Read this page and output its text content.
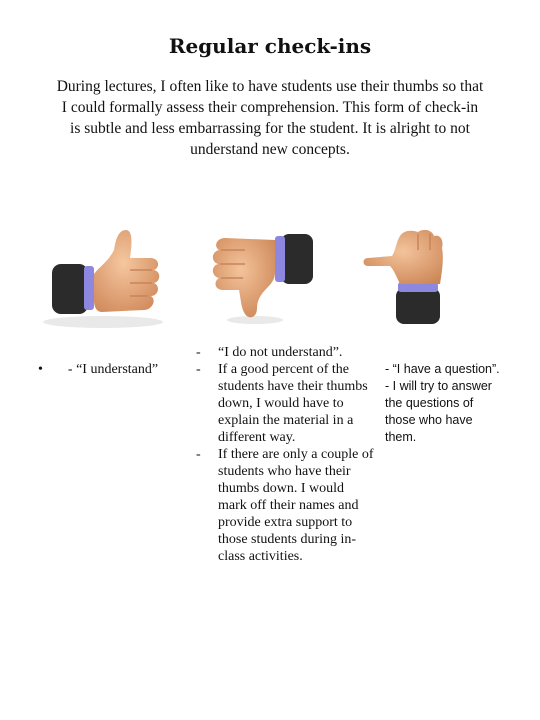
Regular check-ins
During lectures, I often like to have students use their thumbs so that I could formally assess their comprehension. This form of check-in is subtle and less embarrassing for the student. It is alright to not understand new concepts.
• - “I understand”
- “I do not understand”.
- If a good percent of the students have their thumbs down, I would have to explain the material in a different way.
- If there are only a couple of students who have their thumbs down. I would mark off their names and provide extra support to those students during in-class activities.
- “I have a question”.
- I will try to answer
the questions of
those who have
them.
